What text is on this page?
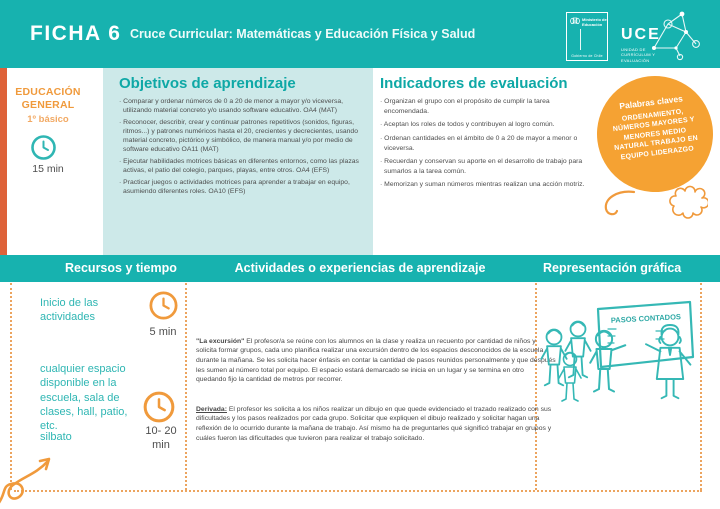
FICHA 6 Cruce Curricular: Matemáticas y Educación Física y Salud
Ministerio de
Educación
Gobierno de Chile
UCE
UNIDAD DE CURRÍCULUM Y EVALUACIÓN
EDUCACIÓN GENERAL
1º básico
15 min
Objetivos de aprendizaje

· Comparar y ordenar números de 0 a 20 de menor a mayor y/o viceversa, utilizando material concreto y/o usando software educativo. OA4 (MAT)

· Reconocer, describir, crear y continuar patrones repetitivos (sonidos, figuras, ritmos...) y patrones numéricos hasta el 20, crecientes y decrecientes, usando material concreto, pictórico y simbólico, de manera manual y/o por medio de software educativo OA11 (MAT)

· Ejecutar habilidades motrices básicas en diferentes entornos, como las plazas activas, el patio del colegio, parques, playas, entre otros. OA4 (EFS)

· Practicar juegos o actividades motrices para aprender a trabajar en equipo, asumiendo diferentes roles. OA10 (EFS)

Indicadores de evaluación

· Organizan el grupo con el propósito de cumplir la tarea encomendada.

· Aceptan los roles de todos y contribuyen al logro común.

· Ordenan cantidades en el ámbito de 0 a 20 de mayor a menor o viceversa.

· Recuerdan y conservan su aporte en el desarrollo de trabajo para sumarlos a la tarea común.

· Memorizan y suman números mientras realizan una acción motriz.

Palabras claves
ORDENAMIENTO, NÚMEROS MAYORES Y MENORES MEDIO NATURAL TRABAJO EN EQUIPO LIDERAZGO
Recursos y tiempo	Actividades o experiencias de aprendizaje	Representación gráfica
Inicio de las actividades
5 min
cualquier espacio disponible en la escuela, sala de clases, hall, patio, etc.
silbato	10- 20
min

"La excursión" El profesor/a se reúne con los alumnos en la clase y realiza un recuento por cantidad de niños y solicita formar grupos, cada uno planifica realizar una excursión dentro de los espacios desconocidos de la escuela durante la mañana. Se les solicita hacer énfasis en contar la cantidad de pasos reunidos personalmente y que después les sumen al número total por equipo. El espacio estará demarcado se inicia en un lugar y se termina en otro quedando fijo la cantidad de metros por recorrer.

Derivada: El profesor les solicita a los niños realizar un dibujo en que quede evidenciado el trazado realizado con sus dificultades y los pasos realizados por cada grupo. Solicitar que expliquen el dibujo realizado y solicitar hagan una reflexión de lo ocurrido durante la mañana de trabajo. Así mismo ha de preguntarles qué significó trabajar en grupos y cuáles fueron las dificultades que tuvieron para realizar el trabajo solicitado.

PASOS CONTADOS
